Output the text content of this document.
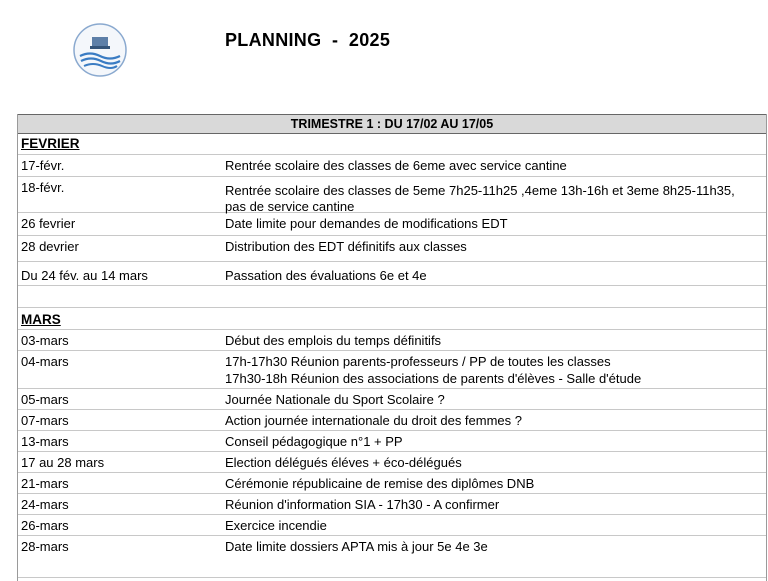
PLANNING  -  2025
TRIMESTRE 1 : DU 17/02 AU 17/05
FEVRIER
17-févr.	Rentrée scolaire des classes de 6eme avec service cantine
18-févr.	Rentrée scolaire des classes de 5eme 7h25-11h25 ,4eme 13h-16h et 3eme 8h25-11h35, pas de service cantine
26 fevrier	Date limite pour demandes de modifications EDT
28 devrier	Distribution des EDT définitifs aux classes
Du 24 fév. au 14 mars	Passation des évaluations 6e et 4e
MARS
03-mars	Début des emplois du temps définitifs
04-mars	17h-17h30 Réunion parents-professeurs / PP de toutes les classes
17h30-18h Réunion des associations de parents d'élèves - Salle d'étude
05-mars	Journée Nationale du Sport Scolaire ?
07-mars	Action journée internationale du droit des femmes ?
13-mars	Conseil pédagogique n°1 + PP
17 au 28 mars	Election délégués éléves + éco-délégués
21-mars	Cérémonie républicaine de remise des diplômes DNB
24-mars	Réunion d'information SIA - 17h30 - A confirmer
26-mars	Exercice incendie
28-mars	Date limite dossiers APTA mis à jour 5e 4e 3e
